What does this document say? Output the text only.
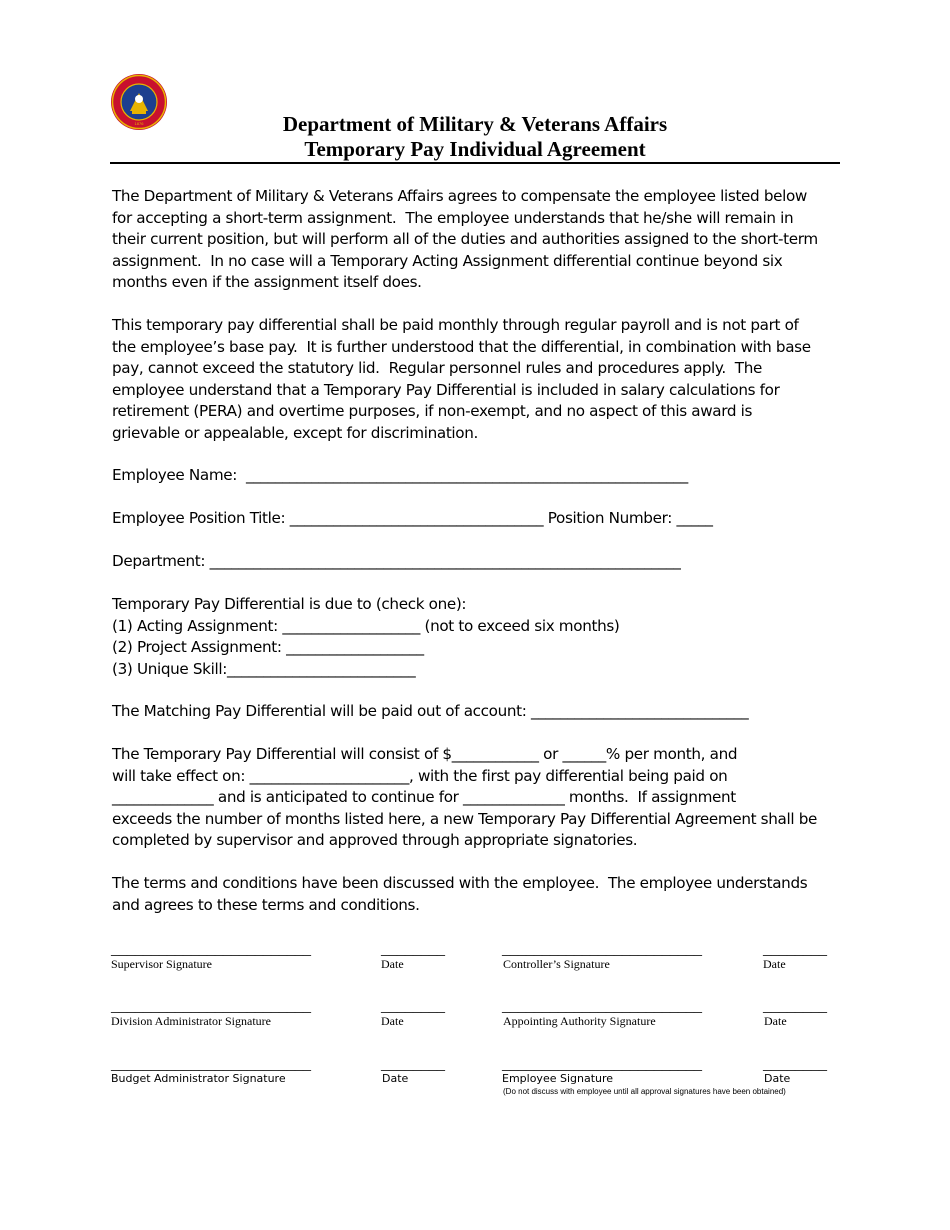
1876	Department of Military & Veterans Affairs
Temporary Pay Individual Agreement
The Department of Military & Veterans Affairs agrees to compensate the employee listed below
for accepting a short-term assignment.  The employee understands that he/she will remain in
their current position, but will perform all of the duties and authorities assigned to the short-term
assignment.  In no case will a Temporary Acting Assignment differential continue beyond six
months even if the assignment itself does.
This temporary pay differential shall be paid monthly through regular payroll and is not part of
the employee’s base pay.  It is further understood that the differential, in combination with base
pay, cannot exceed the statutory lid.  Regular personnel rules and procedures apply.  The
employee understand that a Temporary Pay Differential is included in salary calculations for
retirement (PERA) and overtime purposes, if non-exempt, and no aspect of this award is
grievable or appealable, except for discrimination.
Employee Name:  _____________________________________________________________
Employee Position Title: ___________________________________ Position Number: _____
Department: _________________________________________________________________
Temporary Pay Differential is due to (check one):
(1) Acting Assignment: ___________________ (not to exceed six months)
(2) Project Assignment: ___________________
(3) Unique Skill:__________________________
The Matching Pay Differential will be paid out of account: ______________________________
The Temporary Pay Differential will consist of $____________ or ______% per month, and
will take effect on: ______________________, with the first pay differential being paid on
______________ and is anticipated to continue for ______________ months.  If assignment
exceeds the number of months listed here, a new Temporary Pay Differential Agreement shall be
completed by supervisor and approved through appropriate signatories.
The terms and conditions have been discussed with the employee.  The employee understands
and agrees to these terms and conditions.
_________________________	________	_________________________	________
Supervisor Signature	Date	Controller’s Signature	Date
_________________________	________	_________________________	________
Division Administrator Signature	Date	Appointing Authority Signature	Date
_________________________	________	_________________________	________
Budget Administrator Signature	Date	Employee Signature	Date
(Do not discuss with employee until all approval signatures have been obtained)
